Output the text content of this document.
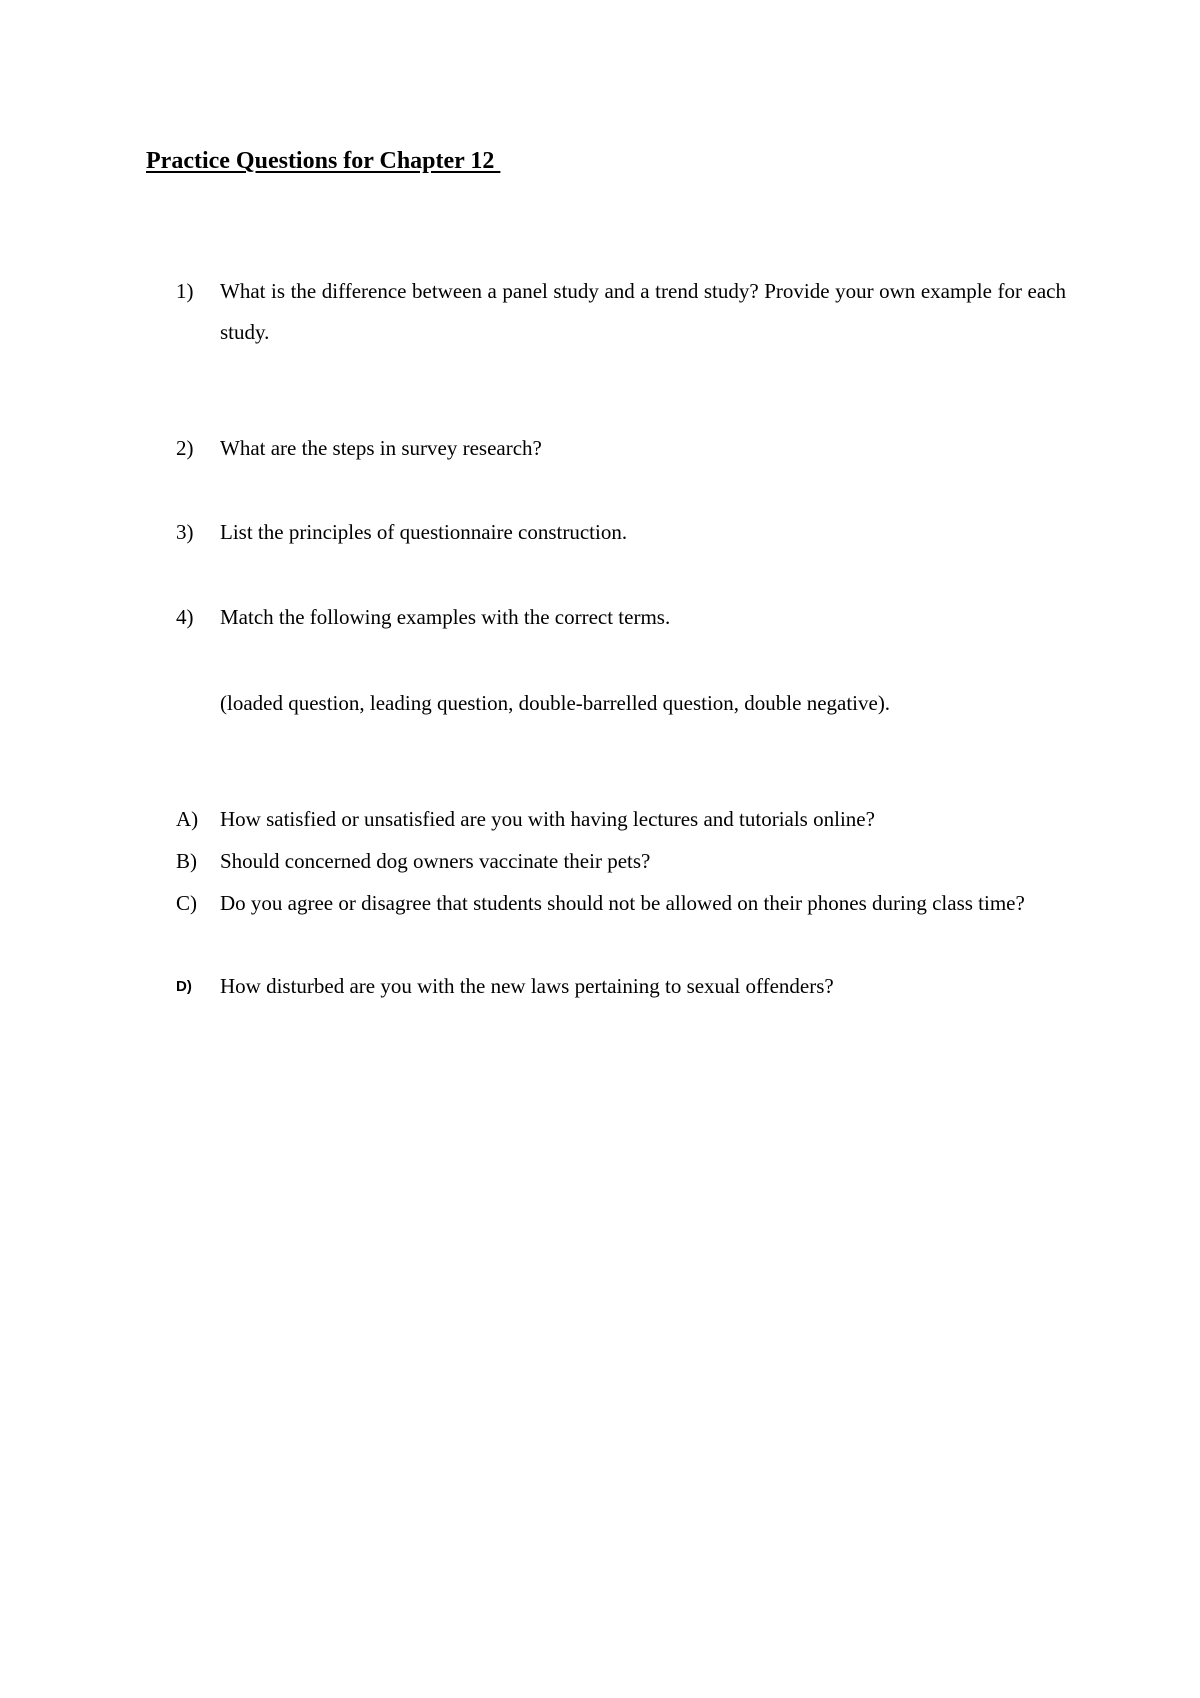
Practice Questions for Chapter 12
1)	What is the difference between a panel study and a trend study? Provide your own example for each study.
2)	What are the steps in survey research?
3)	List the principles of questionnaire construction.
4)	Match the following examples with the correct terms.
(loaded question, leading question, double-barrelled question, double negative).
A)	How satisfied or unsatisfied are you with having lectures and tutorials online?
B)	Should concerned dog owners vaccinate their pets?
C)	Do you agree or disagree that students should not be allowed on their phones during class time?
D)	How disturbed are you with the new laws pertaining to sexual offenders?
